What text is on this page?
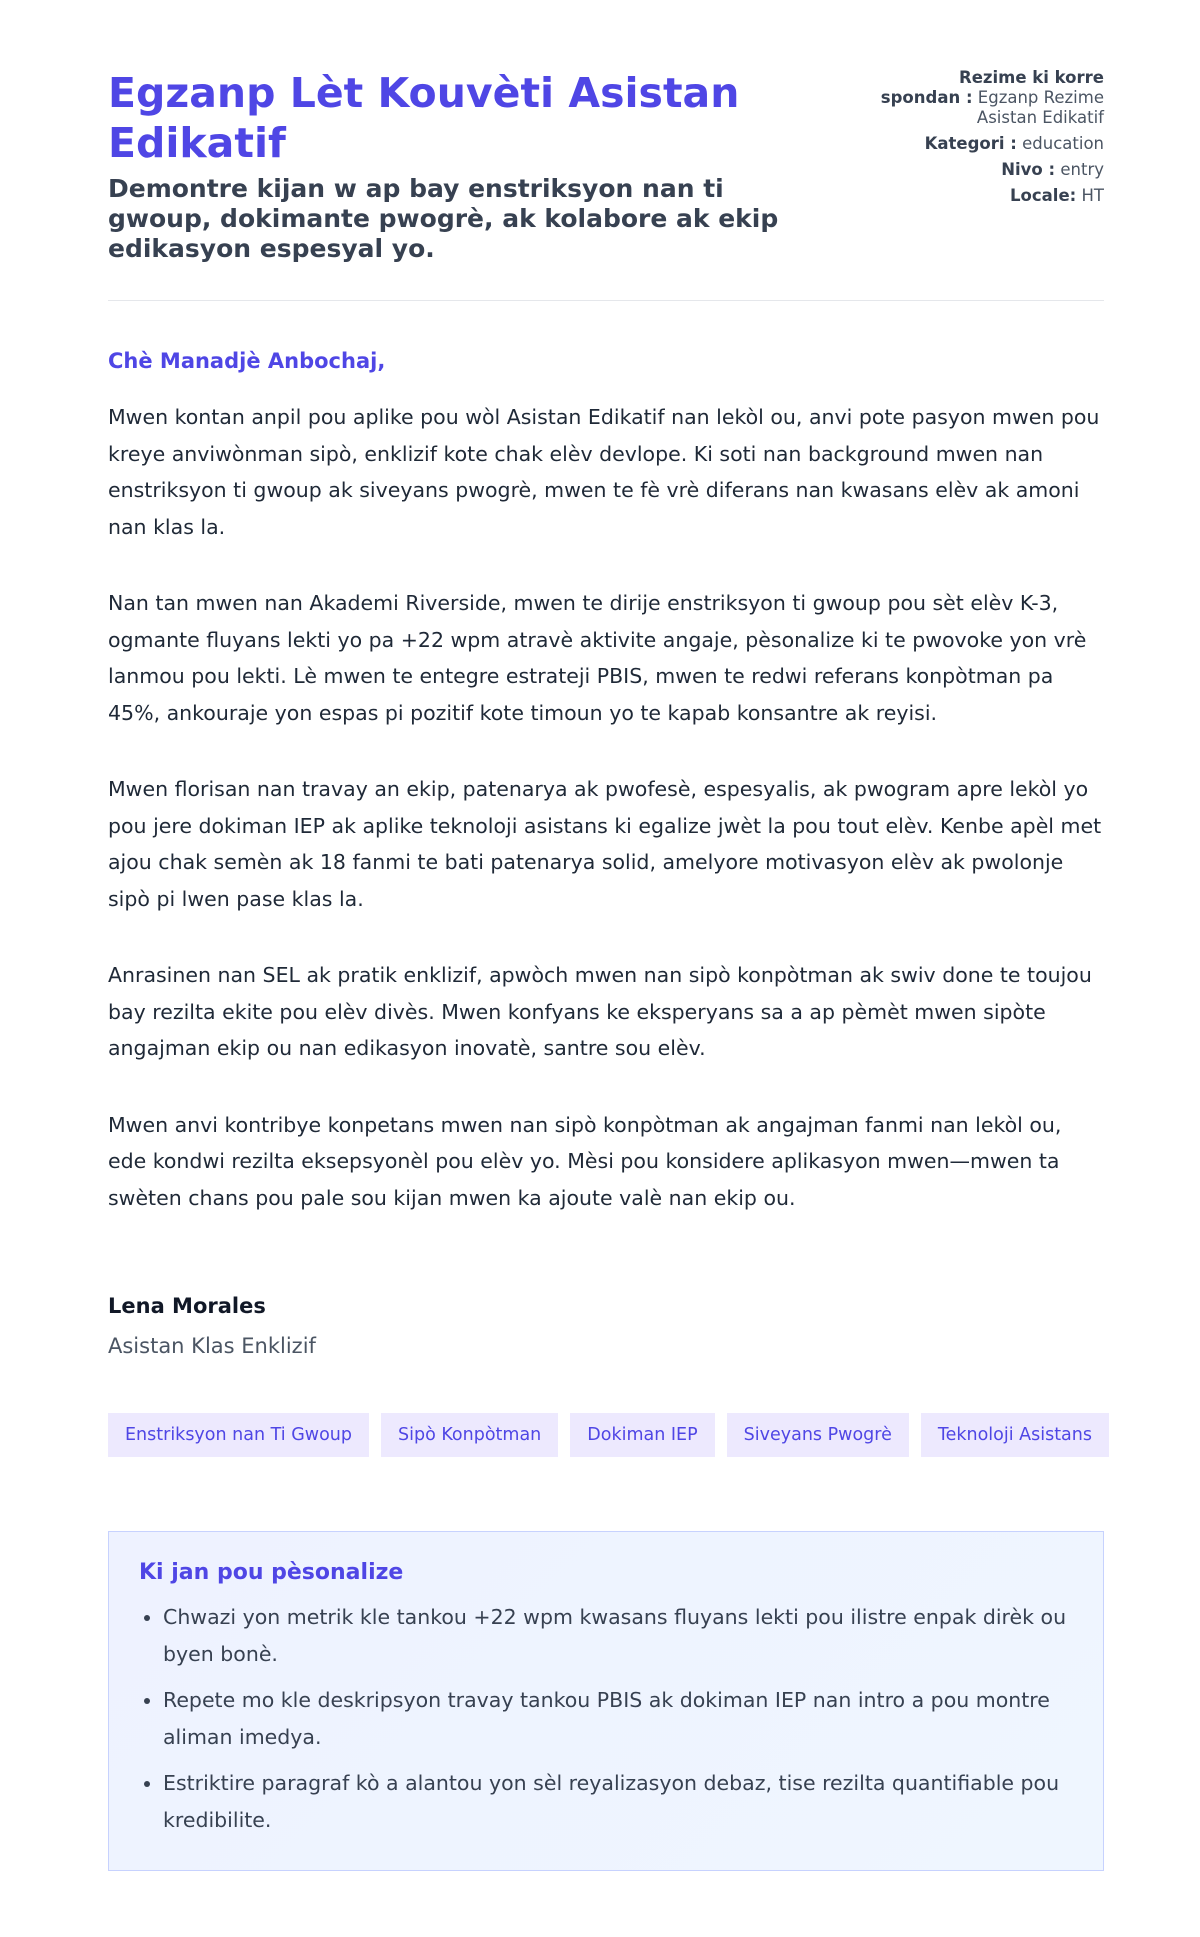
Egzanp Lèt Kouvèti Asistan Edikatif
Demontre kijan w ap bay enstriksyon nan ti gwoup, dokimante pwogrè, ak kolabore ak ekip edikasyon espesyal yo.
Rezime ki korre spondan : Egzanp Rezime Asistan Edikatif
Kategori : education
Nivo : entry
Locale: HT
Chè Manadjè Anbochaj,

Mwen kontan anpil pou aplike pou wòl Asistan Edikatif nan lekòl ou, anvi pote pasyon mwen pou kreye anviwònman sipò, enklizif kote chak elèv devlope. Ki soti nan background mwen nan enstriksyon ti gwoup ak siveyans pwogrè, mwen te fè vrè diferans nan kwasans elèv ak amoni nan klas la.

Nan tan mwen nan Akademi Riverside, mwen te dirije enstriksyon ti gwoup pou sèt elèv K-3, ogmante fluyans lekti yo pa +22 wpm atravè aktivite angaje, pèsonalize ki te pwovoke yon vrè lanmou pou lekti. Lè mwen te entegre estrateji PBIS, mwen te redwi referans konpòtman pa 45%, ankouraje yon espas pi pozitif kote timoun yo te kapab konsantre ak reyisi.

Mwen florisan nan travay an ekip, patenarya ak pwofesè, espesyalis, ak pwogram apre lekòl yo pou jere dokiman IEP ak aplike teknoloji asistans ki egalize jwèt la pou tout elèv. Kenbe apèl met ajou chak semèn ak 18 fanmi te bati patenarya solid, amelyore motivasyon elèv ak pwolonje sipò pi lwen pase klas la.

Anrasinen nan SEL ak pratik enklizif, apwòch mwen nan sipò konpòtman ak swiv done te toujou bay rezilta ekite pou elèv divès. Mwen konfyans ke eksperyans sa a ap pèmèt mwen sipòte angajman ekip ou nan edikasyon inovatè, santre sou elèv.

Mwen anvi kontribye konpetans mwen nan sipò konpòtman ak angajman fanmi nan lekòl ou, ede kondwi rezilta eksepsyonèl pou elèv yo. Mèsi pou konsidere aplikasyon mwen—mwen ta swèten chans pou pale sou kijan mwen ka ajoute valè nan ekip ou.

Lena Morales
Asistan Klas Enklizif
Enstriksyon nan Ti Gwoup	Sipò Konpòtman	Dokiman IEP	Siveyans Pwogrè	Teknoloji Asistans
Ki jan pou pèsonalize
• Chwazi yon metrik kle tankou +22 wpm kwasans fluyans lekti pou ilistre enpak dirèk ou byen bonè.
• Repete mo kle deskripsyon travay tankou PBIS ak dokiman IEP nan intro a pou montre aliman imedya.
• Estriktire paragraf kò a alantou yon sèl reyalizasyon debaz, tise rezilta quantifiable pou kredibilite.
